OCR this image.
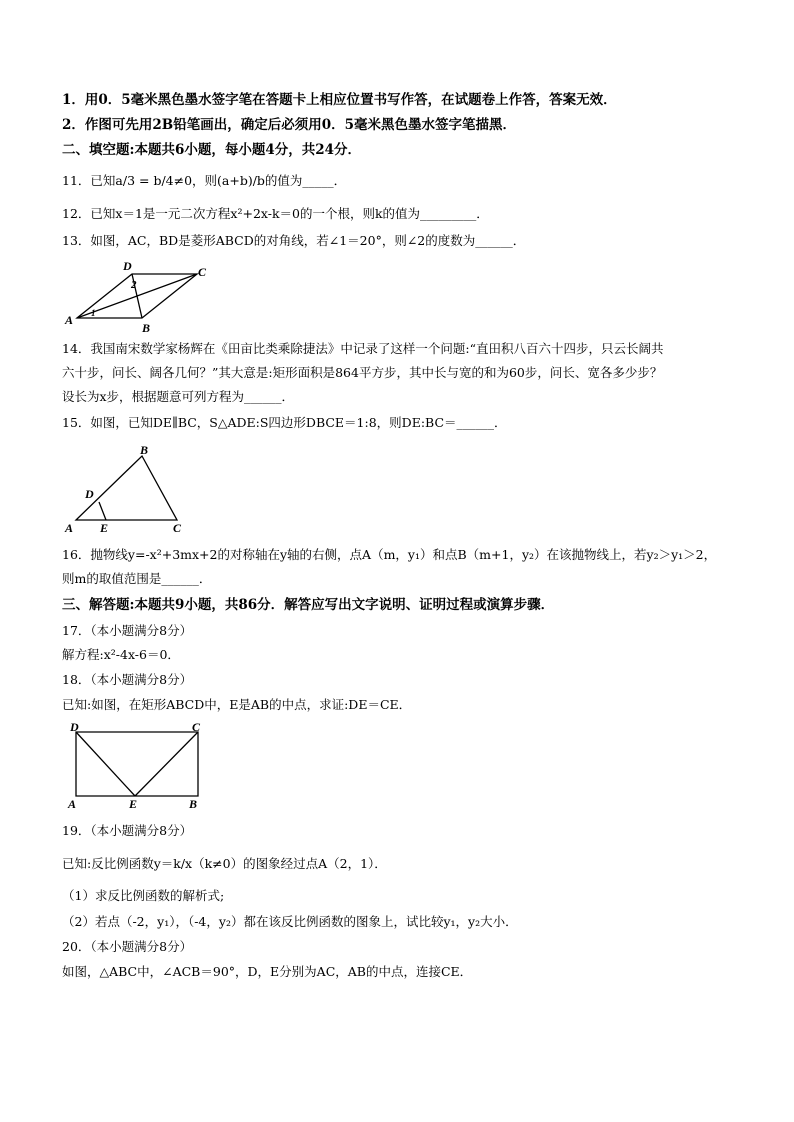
1．用0．5毫米黑色墨水签字笔在答题卡上相应位置书写作答，在试题卷上作答，答案无效．
2．作图可先用2B铅笔画出，确定后必须用0．5毫米黑色墨水签字笔描黑．
二、填空题:本题共6小题，每小题4分，共24分．
11．已知a/3 = b/4≠0，则(a+b)/b的值为_____．
12．已知x＝1是一元二次方程x²+2x-k＝0的一个根，则k的值为_________．
13．如图，AC，BD是菱形ABCD的对角线，若∠1＝20°，则∠2的度数为______．
A
B
C
D
1
2
14．我国南宋数学家杨辉在《田亩比类乘除捷法》中记录了这样一个问题:“直田积八百六十四步，只云长阔共
六十步，问长、阔各几何？”其大意是:矩形面积是864平方步，其中长与宽的和为60步，问长、宽各多少步？
设长为x步，根据题意可列方程为______．
15．如图，已知DE∥BC，S△ADE:S四边形DBCE＝1:8，则DE:BC＝______．
A
B
C
D
E
16．抛物线y=-x²+3mx+2的对称轴在y轴的右侧，点A（m，y₁）和点B（m+1，y₂）在该抛物线上，若y₂＞y₁＞2，
则m的取值范围是______．
三、解答题:本题共9小题，共86分．解答应写出文字说明、证明过程或演算步骤．
17．（本小题满分8分）
解方程:x²-4x-6＝0．
18．（本小题满分8分）
已知:如图，在矩形ABCD中，E是AB的中点，求证:DE＝CE．
D	C
A	E	B
19．（本小题满分8分）
已知:反比例函数y＝k/x（k≠0）的图象经过点A（2，1）．
（1）求反比例函数的解析式;
（2）若点（-2，y₁），（-4，y₂）都在该反比例函数的图象上，试比较y₁，y₂大小．
20．（本小题满分8分）
如图，△ABC中，∠ACB＝90°，D，E分别为AC，AB的中点，连接CE．
